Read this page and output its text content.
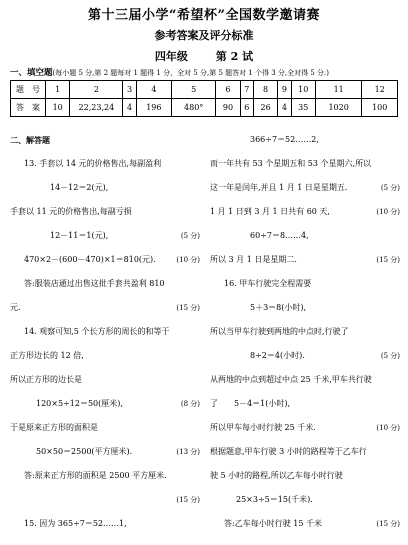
第十三届小学“希望杯”全国数学邀请赛
参考答案及评分标准
四年级	第 2 试
一、填空题(每小题 5 分,第 2 题每对 1 题得 1 分，全对 5 分,第 5 题答对 1 个得 3 分,全对得 5 分.)
题　号	1	2	3	4	5	6	7	8	9	10	11	12
答　案	10	22,23,24	4	196	480°	90	6	26	4	35	1020	100
二、解答题
13. 手套以 14 元的价格售出,每副盈利
14－12＝2(元),
手套以 11 元的价格售出,每副亏损
12－11＝1(元),	(5 分)
470×2－(600－470)×1＝810(元).	(10 分)
答:服装店通过出售这批手套共盈利 810
元.	(15 分)
14. 观察可知,5 个长方形的周长的和等于
正方形边长的 12 倍,
所以正方形的边长是
120×5÷12＝50(厘米),	(8 分)
于是原来正方形的面积是
50×50＝2500(平方厘米).	(13 分)
答:原来正方形的面积是 2500 平方厘米.
(15 分)
15. 因为 365÷7＝52……1,
366÷7＝52……2,
而一年共有 53 个星期五和 53 个星期六,所以
这一年是闰年,并且 1 月 1 日是星期五.	(5 分)
1 月 1 日到 3 月 1 日共有 60 天,	(10 分)
60÷7＝8……4,
所以 3 月 1 日是星期二.	(15 分)
16. 甲车行驶完全程需要
5＋3＝8(小时),
所以当甲车行驶到两地的中点时,行驶了
8÷2＝4(小时).	(5 分)
从两地的中点到超过中点 25 千米,甲车共行驶
了　　5－4＝1(小时),
所以甲车每小时行驶 25 千米.	(10 分)
根据题意,甲车行驶 3 小时的路程等于乙车行
驶 5 小时的路程,所以乙车每小时行驶
25×3÷5＝15(千米).
答:乙车每小时行驶 15 千米	(15 分)
